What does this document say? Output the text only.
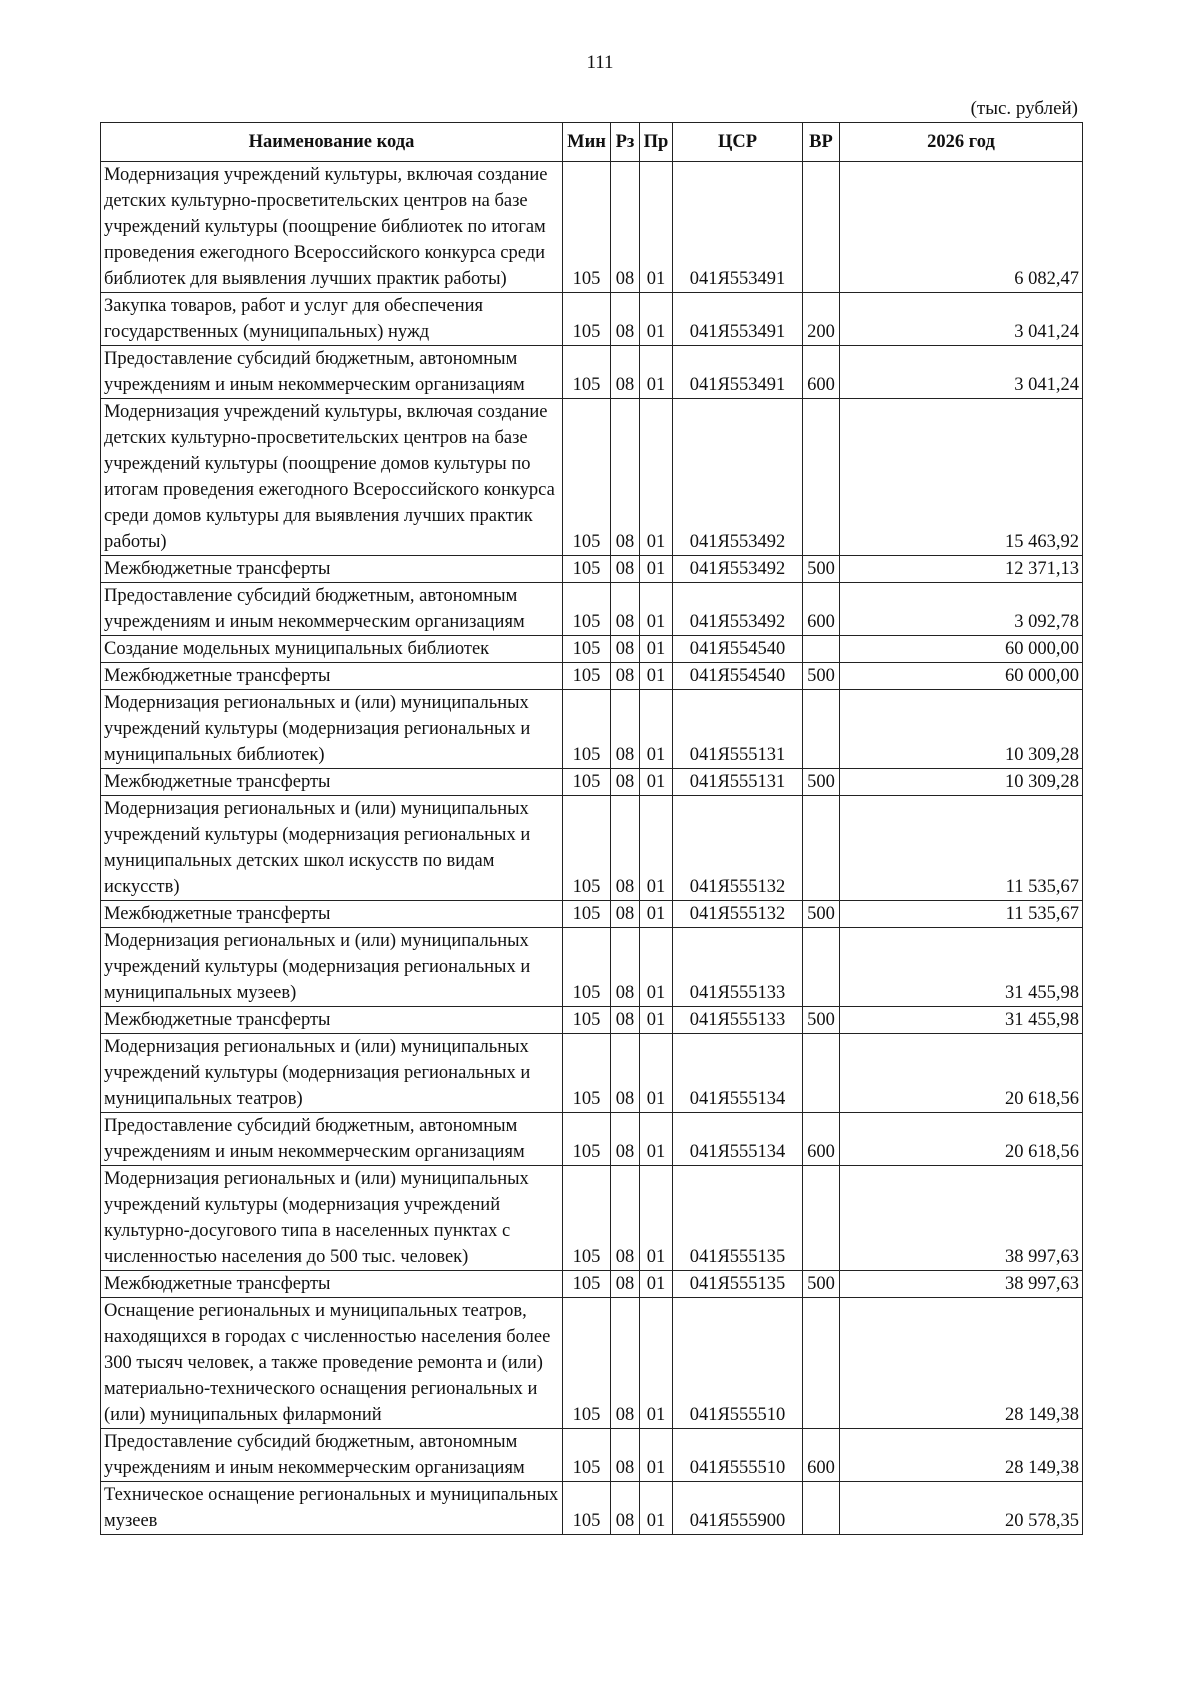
111
(тыс. рублей)
Наименование кода	Мин	Рз	Пр	ЦСР	ВР	2026 год
Модернизация учреждений культуры, включая создание детских культурно-просветительских центров на базе учреждений культуры (поощрение библиотек по итогам проведения ежегодного Всероссийского конкурса среди библиотек для выявления лучших практик работы)	105	08	01	041Я553491		6 082,47
Закупка товаров, работ и услуг для обеспечения государственных (муниципальных) нужд	105	08	01	041Я553491	200	3 041,24
Предоставление субсидий бюджетным, автономным учреждениям и иным некоммерческим организациям	105	08	01	041Я553491	600	3 041,24
Модернизация учреждений культуры, включая создание детских культурно-просветительских центров на базе учреждений культуры (поощрение домов культуры по итогам проведения ежегодного Всероссийского конкурса среди домов культуры для выявления лучших практик работы)	105	08	01	041Я553492		15 463,92
Межбюджетные трансферты	105	08	01	041Я553492	500	12 371,13
Предоставление субсидий бюджетным, автономным учреждениям и иным некоммерческим организациям	105	08	01	041Я553492	600	3 092,78
Создание модельных муниципальных библиотек	105	08	01	041Я554540		60 000,00
Межбюджетные трансферты	105	08	01	041Я554540	500	60 000,00
Модернизация региональных и (или) муниципальных учреждений культуры (модернизация региональных и муниципальных библиотек)	105	08	01	041Я555131		10 309,28
Межбюджетные трансферты	105	08	01	041Я555131	500	10 309,28
Модернизация региональных и (или) муниципальных учреждений культуры (модернизация региональных и муниципальных детских школ искусств по видам искусств)	105	08	01	041Я555132		11 535,67
Межбюджетные трансферты	105	08	01	041Я555132	500	11 535,67
Модернизация региональных и (или) муниципальных учреждений культуры (модернизация региональных и муниципальных музеев)	105	08	01	041Я555133		31 455,98
Межбюджетные трансферты	105	08	01	041Я555133	500	31 455,98
Модернизация региональных и (или) муниципальных учреждений культуры (модернизация региональных и муниципальных театров)	105	08	01	041Я555134		20 618,56
Предоставление субсидий бюджетным, автономным учреждениям и иным некоммерческим организациям	105	08	01	041Я555134	600	20 618,56
Модернизация региональных и (или) муниципальных учреждений культуры (модернизация учреждений культурно-досугового типа в населенных пунктах с численностью населения до 500 тыс. человек)	105	08	01	041Я555135		38 997,63
Межбюджетные трансферты	105	08	01	041Я555135	500	38 997,63
Оснащение региональных и муниципальных театров, находящихся в городах с численностью населения более 300 тысяч человек, а также проведение ремонта и (или) материально-технического оснащения региональных и (или) муниципальных филармоний	105	08	01	041Я555510		28 149,38
Предоставление субсидий бюджетным, автономным учреждениям и иным некоммерческим организациям	105	08	01	041Я555510	600	28 149,38
Техническое оснащение региональных и муниципальных музеев	105	08	01	041Я555900		20 578,35
